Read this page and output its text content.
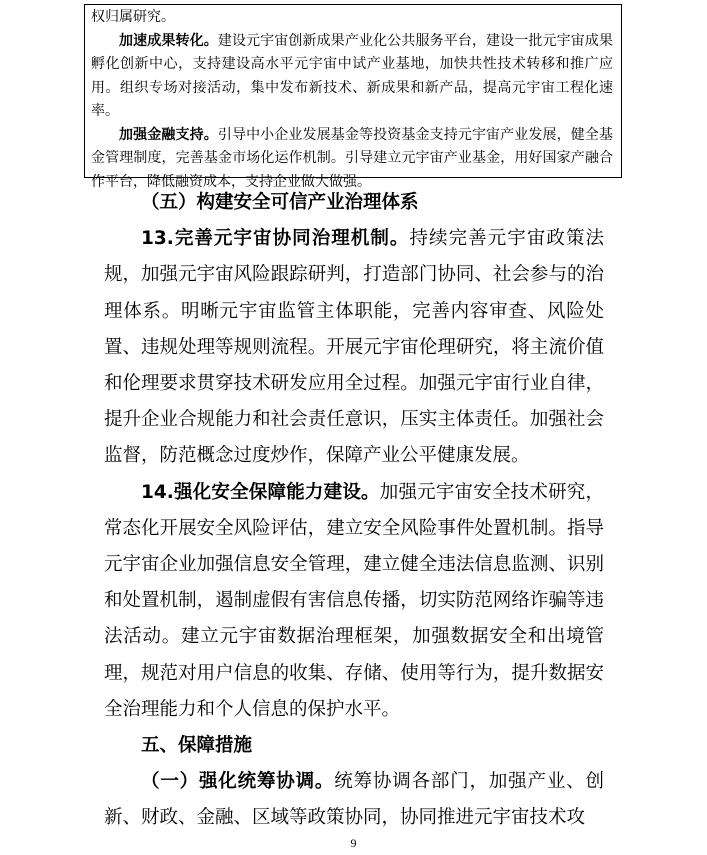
权归属研究。

加速成果转化。建设元宇宙创新成果产业化公共服务平台，建设一批元宇宙成果孵化创新中心，支持建设高水平元宇宙中试产业基地，加快共性技术转移和推广应用。组织专场对接活动，集中发布新技术、新成果和新产品，提高元宇宙工程化速率。

加强金融支持。引导中小企业发展基金等投资基金支持元宇宙产业发展，健全基金管理制度，完善基金市场化运作机制。引导建立元宇宙产业基金，用好国家产融合作平台，降低融资成本，支持企业做大做强。

（五）构建安全可信产业治理体系

13.完善元宇宙协同治理机制。持续完善元宇宙政策法规，加强元宇宙风险跟踪研判，打造部门协同、社会参与的治理体系。明晰元宇宙监管主体职能，完善内容审查、风险处置、违规处理等规则流程。开展元宇宙伦理研究，将主流价值和伦理要求贯穿技术研发应用全过程。加强元宇宙行业自律，提升企业合规能力和社会责任意识，压实主体责任。加强社会监督，防范概念过度炒作，保障产业公平健康发展。

14.强化安全保障能力建设。加强元宇宙安全技术研究，常态化开展安全风险评估，建立安全风险事件处置机制。指导元宇宙企业加强信息安全管理，建立健全违法信息监测、识别和处置机制，遏制虚假有害信息传播，切实防范网络诈骗等违法活动。建立元宇宙数据治理框架，加强数据安全和出境管理，规范对用户信息的收集、存储、使用等行为，提升数据安全治理能力和个人信息的保护水平。

五、保障措施

（一）强化统筹协调。统筹协调各部门，加强产业、创新、财政、金融、区域等政策协同，协同推进元宇宙技术攻

9
